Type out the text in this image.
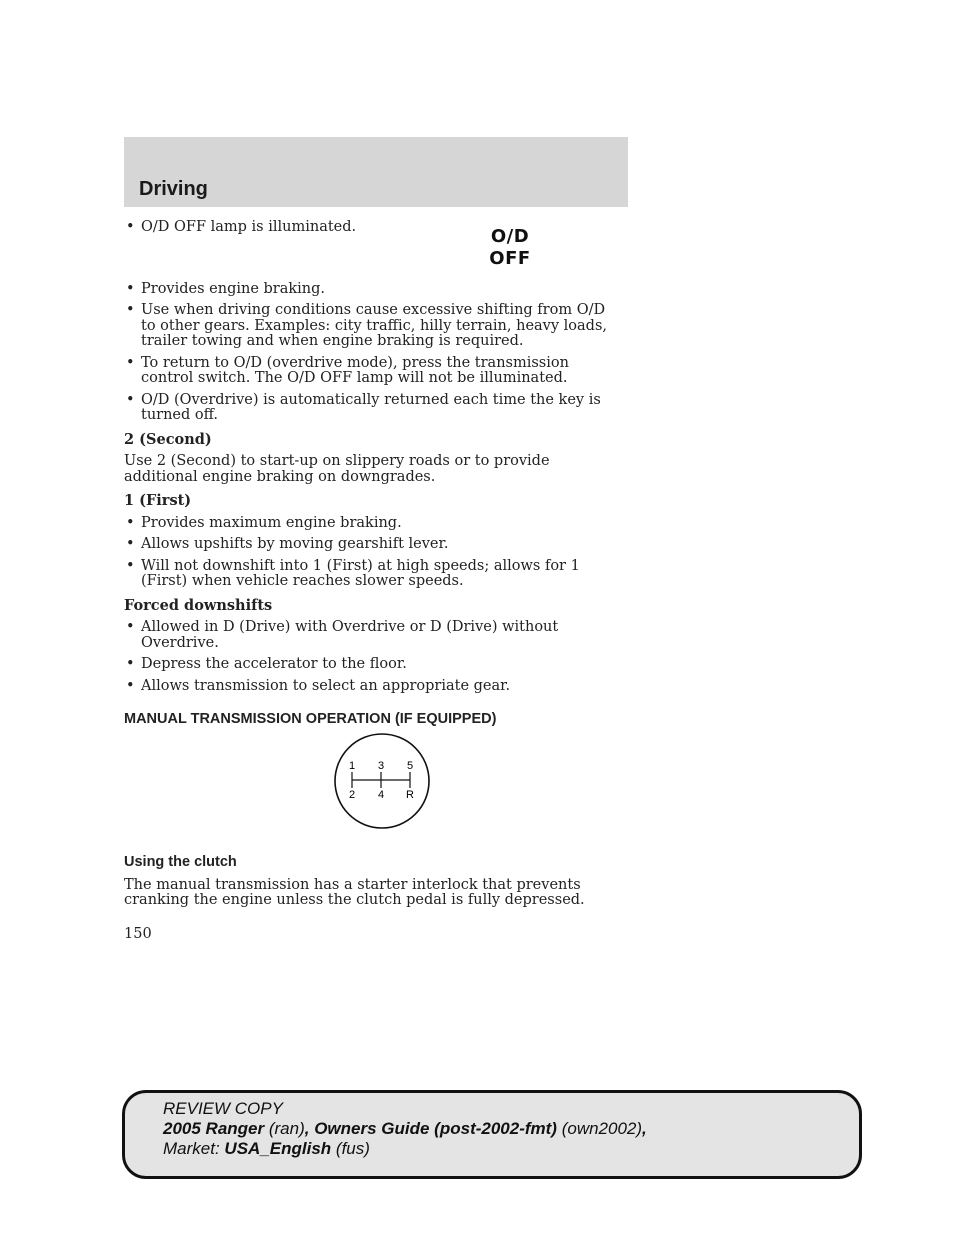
Driving
O/D
OFF
• O/D OFF lamp is illuminated.
• Provides engine braking.
• Use when driving conditions cause excessive shifting from O/D to other gears. Examples: city traffic, hilly terrain, heavy loads, trailer towing and when engine braking is required.
• To return to O/D (overdrive mode), press the transmission control switch. The O/D OFF lamp will not be illuminated.
• O/D (Overdrive) is automatically returned each time the key is turned off.
2 (Second)
Use 2 (Second) to start-up on slippery roads or to provide additional engine braking on downgrades.
1 (First)
• Provides maximum engine braking.
• Allows upshifts by moving gearshift lever.
• Will not downshift into 1 (First) at high speeds; allows for 1 (First) when vehicle reaches slower speeds.
Forced downshifts
• Allowed in D (Drive) with Overdrive or D (Drive) without Overdrive.
• Depress the accelerator to the floor.
• Allows transmission to select an appropriate gear.
MANUAL TRANSMISSION OPERATION (IF EQUIPPED)
1 3 5
2 4 R
Using the clutch
The manual transmission has a starter interlock that prevents cranking the engine unless the clutch pedal is fully depressed.
150
REVIEW COPY
2005 Ranger (ran), Owners Guide (post-2002-fmt) (own2002),
Market: USA_English (fus)
